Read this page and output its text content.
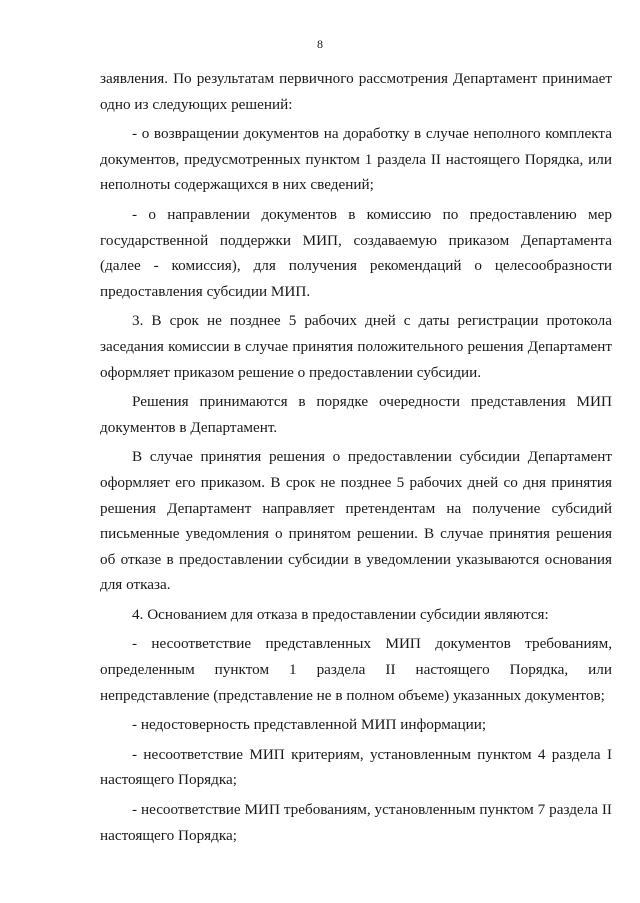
8

заявления. По результатам первичного рассмотрения Департамент принимает одно из следующих решений:

- о возвращении документов на доработку в случае неполного комплекта документов, предусмотренных пунктом 1 раздела II настоящего Порядка, или неполноты содержащихся в них сведений;

- о направлении документов в комиссию по предоставлению мер государственной поддержки МИП, создаваемую приказом Департамента (далее - комиссия), для получения рекомендаций о целесообразности предоставления субсидии МИП.

3. В срок не позднее 5 рабочих дней с даты регистрации протокола заседания комиссии в случае принятия положительного решения Департамент оформляет приказом решение о предоставлении субсидии.

Решения принимаются в порядке очередности представления МИП документов в Департамент.

В случае принятия решения о предоставлении субсидии Департамент оформляет его приказом. В срок не позднее 5 рабочих дней со дня принятия решения Департамент направляет претендентам на получение субсидий письменные уведомления о принятом решении. В случае принятия решения об отказе в предоставлении субсидии в уведомлении указываются основания для отказа.

4. Основанием для отказа в предоставлении субсидии являются:

- несоответствие представленных МИП документов требованиям, определенным пунктом 1 раздела II настоящего Порядка, или непредставление (представление не в полном объеме) указанных документов;

- недостоверность представленной МИП информации;

- несоответствие МИП критериям, установленным пунктом 4 раздела I настоящего Порядка;

- несоответствие МИП требованиям, установленным пунктом 7 раздела II настоящего Порядка;
